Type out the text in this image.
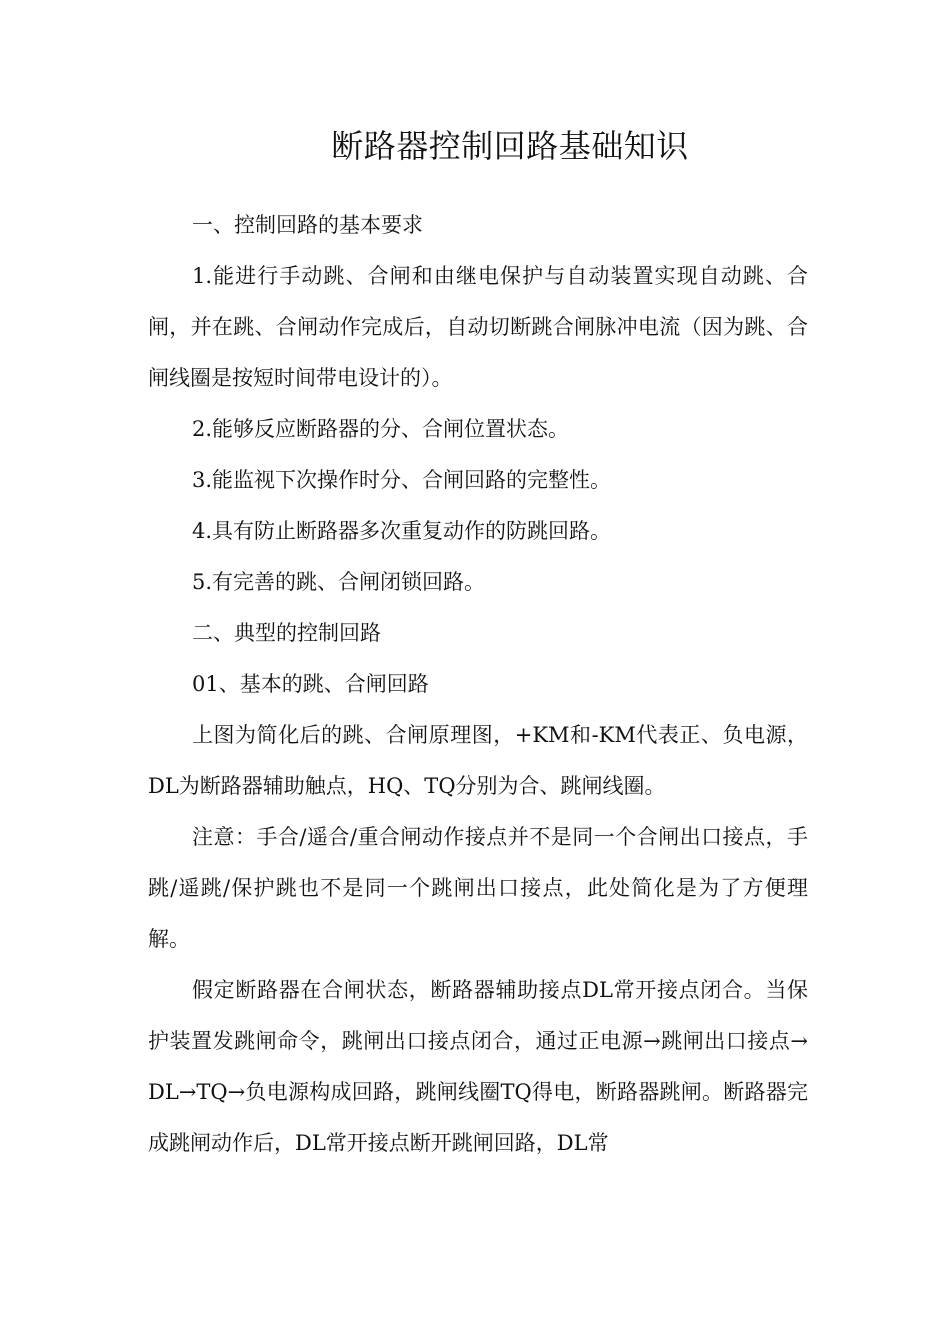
断路器控制回路基础知识

一、控制回路的基本要求

1.能进行手动跳、合闸和由继电保护与自动装置实现自动跳、合闸，并在跳、合闸动作完成后，自动切断跳合闸脉冲电流（因为跳、合闸线圈是按短时间带电设计的）。

2.能够反应断路器的分、合闸位置状态。

3.能监视下次操作时分、合闸回路的完整性。

4.具有防止断路器多次重复动作的防跳回路。

5.有完善的跳、合闸闭锁回路。

二、典型的控制回路

01、基本的跳、合闸回路

上图为简化后的跳、合闸原理图，+KM和-KM代表正、负电源，DL为断路器辅助触点，HQ、TQ分别为合、跳闸线圈。

注意：手合/遥合/重合闸动作接点并不是同一个合闸出口接点，手跳/遥跳/保护跳也不是同一个跳闸出口接点，此处简化是为了方便理解。

假定断路器在合闸状态，断路器辅助接点DL常开接点闭合。当保护装置发跳闸命令，跳闸出口接点闭合，通过正电源→跳闸出口接点→DL→TQ→负电源构成回路，跳闸线圈TQ得电，断路器跳闸。断路器完成跳闸动作后，DL常开接点断开跳闸回路，DL常
